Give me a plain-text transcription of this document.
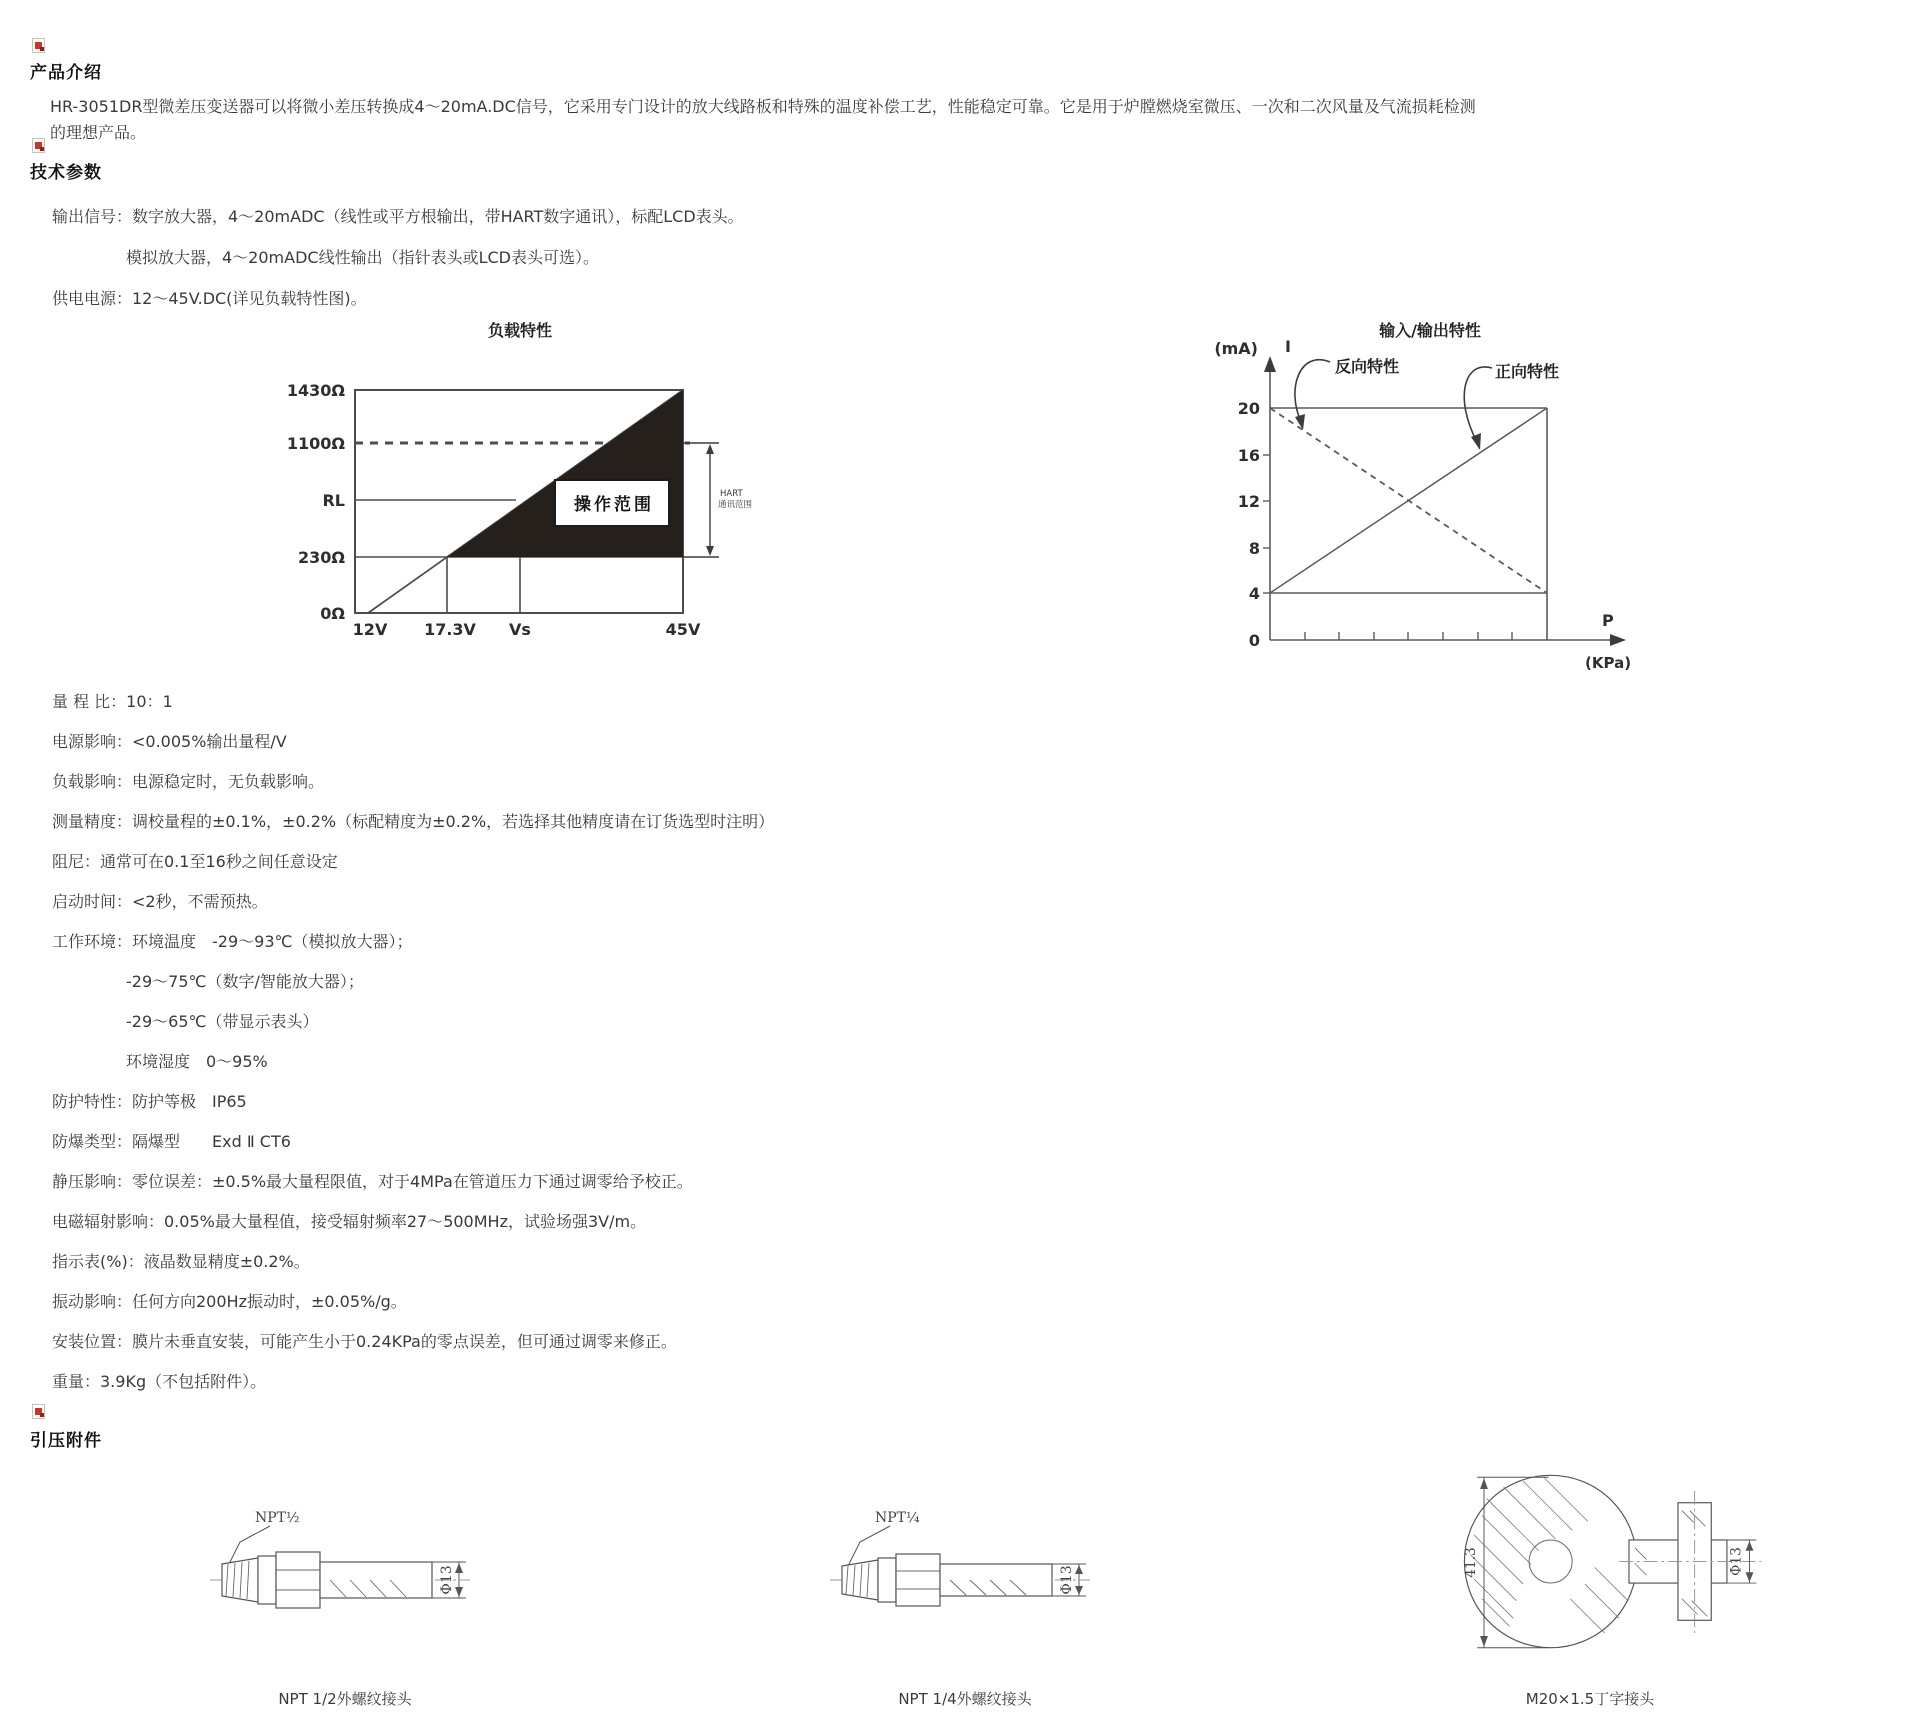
产品介绍
HR-3051DR型微差压变送器可以将微小差压转换成4～20mA.DC信号，它采用专门设计的放大线路板和特殊的温度补偿工艺，性能稳定可靠。它是用于炉膛燃烧室微压、一次和二次风量及气流损耗检测的理想产品。
技术参数
输出信号：数字放大器，4～20mADC（线性或平方根输出，带HART数字通讯），标配LCD表头。
模拟放大器，4～20mADC线性输出（指针表头或LCD表头可选）。
供电电源：12～45V.DC(详见负载特性图)。
负载特性
操作范围
HART
通讯范围
1430Ω
1100Ω
RL
230Ω
0Ω
12V 17.3V Vs	45V
输入/输出特性
(mA) I
P
(KPa)
20
16
12
8
4
0
反向特性	正向特性
量 程 比：10：1
电源影响：<0.005%输出量程/V
负载影响：电源稳定时，无负载影响。
测量精度：调校量程的±0.1%，±0.2%（标配精度为±0.2%，若选择其他精度请在订货选型时注明）
阻尼：通常可在0.1至16秒之间任意设定
启动时间：<2秒，不需预热。
工作环境：环境温度　-29～93℃（模拟放大器）；
-29～75℃（数字/智能放大器）；
-29～65℃（带显示表头）
环境湿度　0～95%
防护特性：防护等极　IP65
防爆类型：隔爆型　　Exd Ⅱ CT6
静压影响：零位误差：±0.5%最大量程限值，对于4MPa在管道压力下通过调零给予校正。
电磁辐射影响：0.05%最大量程值，接受辐射频率27～500MHz，试验场强3V/m。
指示表(%)：液晶数显精度±0.2%。
振动影响：任何方向200Hz振动时，±0.05%/g。
安装位置：膜片未垂直安装，可能产生小于0.24KPa的零点误差，但可通过调零来修正。
重量：3.9Kg（不包括附件）。
引压附件
NPT½
Φ13
NPT 1/2外螺纹接头
NPT¼
Φ13
NPT 1/4外螺纹接头
41.3	Φ13
M20×1.5丁字接头
